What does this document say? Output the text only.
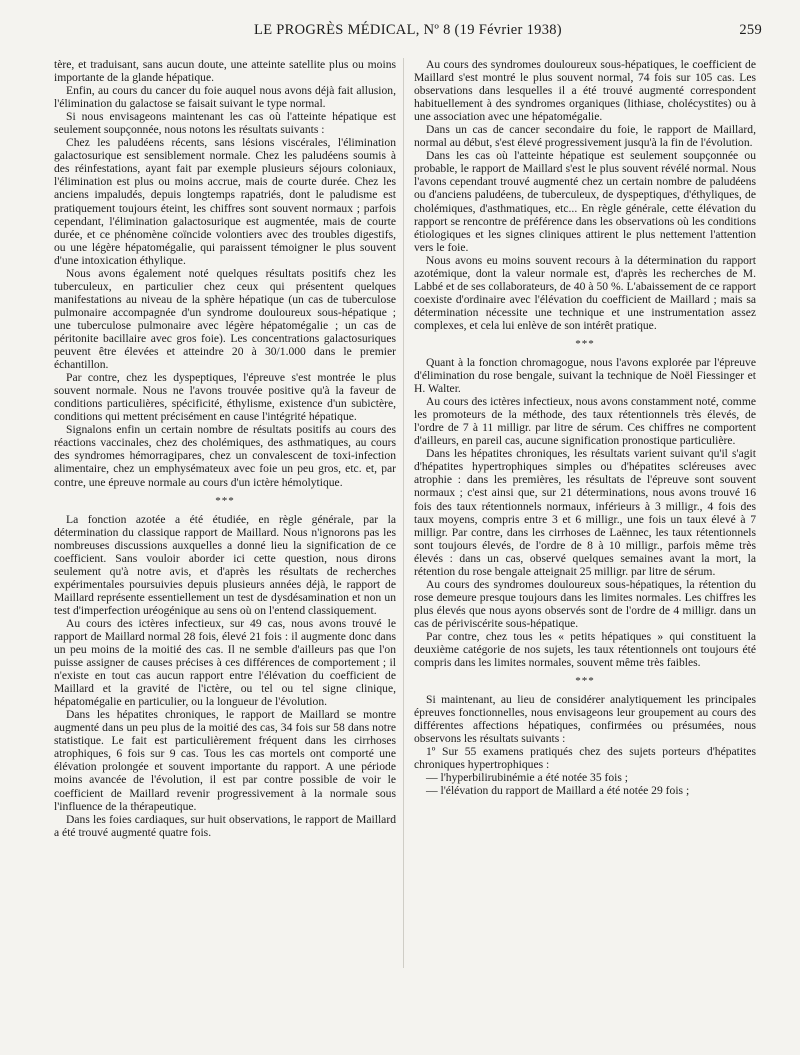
LE PROGRÈS MÉDICAL, Nº 8 (19 Février 1938)	259

tère, et traduisant, sans aucun doute, une atteinte satellite plus ou moins importante de la glande hépatique.

Enfin, au cours du cancer du foie auquel nous avons déjà fait allusion, l'élimination du galactose se faisait suivant le type normal.

Si nous envisageons maintenant les cas où l'atteinte hépatique est seulement soupçonnée, nous notons les résultats suivants :

Chez les paludéens récents, sans lésions viscérales, l'élimination galactosurique est sensiblement normale. Chez les paludéens soumis à des réinfestations, ayant fait par exemple plusieurs séjours coloniaux, l'élimination est plus ou moins accrue, mais de courte durée. Chez les anciens impaludés, depuis longtemps rapatriés, dont le paludisme est pratiquement toujours éteint, les chiffres sont souvent normaux ; parfois cependant, l'élimination galactosurique est augmentée, mais de courte durée, et ce phénomène coïncide volontiers avec des troubles digestifs, ou une légère hépatomégalie, qui paraissent témoigner le plus souvent d'une intoxication éthylique.

Nous avons également noté quelques résultats positifs chez les tuberculeux, en particulier chez ceux qui présentent quelques manifestations au niveau de la sphère hépatique (un cas de tuberculose pulmonaire accompagnée d'un syndrome douloureux sous-hépatique ; une tuberculose pulmonaire avec légère hépatomégalie ; un cas de péritonite bacillaire avec gros foie). Les concentrations galactosuriques peuvent être élevées et atteindre 20 à 30/1.000 dans le premier échantillon.

Par contre, chez les dyspeptiques, l'épreuve s'est montrée le plus souvent normale. Nous ne l'avons trouvée positive qu'à la faveur de conditions particulières, spécificité, éthylisme, existence d'un subictère, conditions qui mettent précisément en cause l'intégrité hépatique.

Signalons enfin un certain nombre de résultats positifs au cours des réactions vaccinales, chez des cholémiques, des asthmatiques, au cours des syndromes hémorragipares, chez un convalescent de toxi-infection alimentaire, chez un emphysémateux avec foie un peu gros, etc. et, par contre, une épreuve normale au cours d'un ictère hémolytique.

***

La fonction azotée a été étudiée, en règle générale, par la détermination du classique rapport de Maillard. Nous n'ignorons pas les nombreuses discussions auxquelles a donné lieu la signification de ce coefficient. Sans vouloir aborder ici cette question, nous dirons seulement qu'à notre avis, et d'après les résultats de recherches expérimentales poursuivies depuis plusieurs années déjà, le rapport de Maillard représente essentiellement un test de dysdésamination et non un test d'imperfection uréogénique au sens où on l'entend classiquement.

Au cours des ictères infectieux, sur 49 cas, nous avons trouvé le rapport de Maillard normal 28 fois, élevé 21 fois : il augmente donc dans un peu moins de la moitié des cas. Il ne semble d'ailleurs pas que l'on puisse assigner de causes précises à ces différences de comportement ; il n'existe en tout cas aucun rapport entre l'élévation du coefficient de Maillard et la gravité de l'ictère, ou tel ou tel signe clinique, hépatomégalie en particulier, ou la longueur de l'évolution.

Dans les hépatites chroniques, le rapport de Maillard se montre augmenté dans un peu plus de la moitié des cas, 34 fois sur 58 dans notre statistique. Le fait est particulièrement fréquent dans les cirrhoses atrophiques, 6 fois sur 9 cas. Tous les cas mortels ont comporté une élévation prolongée et souvent importante du rapport. A une période moins avancée de l'évolution, il est par contre possible de voir le coefficient de Maillard revenir progressivement à la normale sous l'influence de la thérapeutique.

Dans les foies cardiaques, sur huit observations, le rapport de Maillard a été trouvé augmenté quatre fois.

Au cours des syndromes douloureux sous-hépatiques, le coefficient de Maillard s'est montré le plus souvent normal, 74 fois sur 105 cas. Les observations dans lesquelles il a été trouvé augmenté correspondent habituellement à des syndromes organiques (lithiase, cholécystites) ou à une association avec une hépatomégalie.

Dans un cas de cancer secondaire du foie, le rapport de Maillard, normal au début, s'est élevé progressivement jusqu'à la fin de l'évolution.

Dans les cas où l'atteinte hépatique est seulement soupçonnée ou probable, le rapport de Maillard s'est le plus souvent révélé normal. Nous l'avons cependant trouvé augmenté chez un certain nombre de paludéens ou d'anciens paludéens, de tuberculeux, de dyspeptiques, d'éthyliques, de cholémiques, d'asthmatiques, etc... En règle générale, cette élévation du rapport se rencontre de préférence dans les observations où les conditions étiologiques et les signes cliniques attirent le plus nettement l'attention vers le foie.

Nous avons eu moins souvent recours à la détermination du rapport azotémique, dont la valeur normale est, d'après les recherches de M. Labbé et de ses collaborateurs, de 40 à 50 %. L'abaissement de ce rapport coexiste d'ordinaire avec l'élévation du coefficient de Maillard ; mais sa détermination nécessite une technique et une instrumentation assez complexes, et cela lui enlève de son intérêt pratique.

***

Quant à la fonction chromagogue, nous l'avons explorée par l'épreuve d'élimination du rose bengale, suivant la technique de Noël Fiessinger et H. Walter.

Au cours des ictères infectieux, nous avons constamment noté, comme les promoteurs de la méthode, des taux rétentionnels très élevés, de l'ordre de 7 à 11 milligr. par litre de sérum. Ces chiffres ne comportent d'ailleurs, en pareil cas, aucune signification pronostique particulière.

Dans les hépatites chroniques, les résultats varient suivant qu'il s'agit d'hépatites hypertrophiques simples ou d'hépatites scléreuses avec atrophie : dans les premières, les résultats de l'épreuve sont souvent normaux ; c'est ainsi que, sur 21 déterminations, nous avons trouvé 16 fois des taux rétentionnels normaux, inférieurs à 3 milligr., 4 fois des taux moyens, compris entre 3 et 6 milligr., une fois un taux élevé à 7 milligr. Par contre, dans les cirrhoses de Laënnec, les taux rétentionnels sont toujours élevés, de l'ordre de 8 à 10 milligr., parfois même très élevés : dans un cas, observé quelques semaines avant la mort, la rétention du rose bengale atteignait 25 milligr. par litre de sérum.

Au cours des syndromes douloureux sous-hépatiques, la rétention du rose demeure presque toujours dans les limites normales. Les chiffres les plus élevés que nous ayons observés sont de l'ordre de 4 milligr. dans un cas de périviscérite sous-hépatique.

Par contre, chez tous les « petits hépatiques » qui constituent la deuxième catégorie de nos sujets, les taux rétentionnels ont toujours été compris dans les limites normales, souvent même très faibles.

***

Si maintenant, au lieu de considérer analytiquement les principales épreuves fonctionnelles, nous envisageons leur groupement au cours des différentes affections hépatiques, confirmées ou présumées, nous observons les résultats suivants :

1º Sur 55 examens pratiqués chez des sujets porteurs d'hépatites chroniques hypertrophiques :

— l'hyperbilirubinémie a été notée 35 fois ;

— l'élévation du rapport de Maillard a été notée 29 fois ;
